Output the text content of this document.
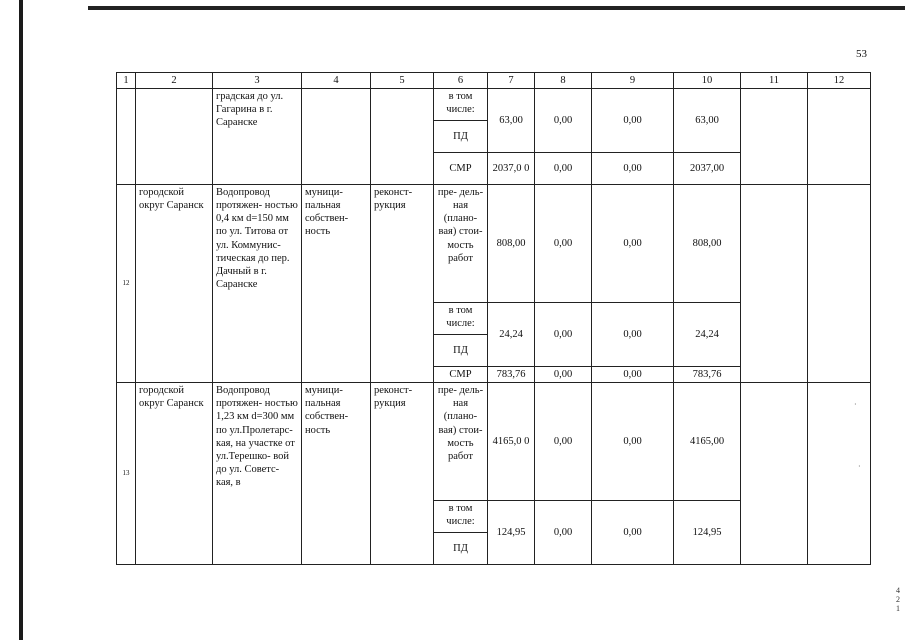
53
4 2 1
·
·
1	2	3	4	5	6	7	8	9	10	11	12
		градская до ул. Гагарина в г. Саранске			в том числе:	63,00	0,00	0,00	63,00		
					ПД						
					СМР	2037,0 0	0,00	0,00	2037,00		
12	городской округ Саранск	Водопровод протяжен- ностью 0,4 км d=150 мм по ул. Титова от ул. Коммунис- тическая до пер. Дачный в г. Саранске	муници- пальная собствен- ность	реконст- рукция	пре- дель- ная (плано- вая) стои- мость работ	808,00	0,00	0,00	808,00		
					в том числе:	24,24	0,00	0,00	24,24		
					ПД						
					СМР	783,76	0,00	0,00	783,76		
13	городской округ Саранск	Водопровод протяжен- ностью 1,23 км d=300 мм по ул.Пролетарс- кая, на участке от ул.Терешко- вой до ул. Советс- кая, в	муници- пальная собствен- ность	реконст- рукция	пре- дель- ная (плано- вая) стои- мость работ	4165,0 0	0,00	0,00	4165,00		
					в том числе:	124,95	0,00	0,00	124,95		
					ПД						
